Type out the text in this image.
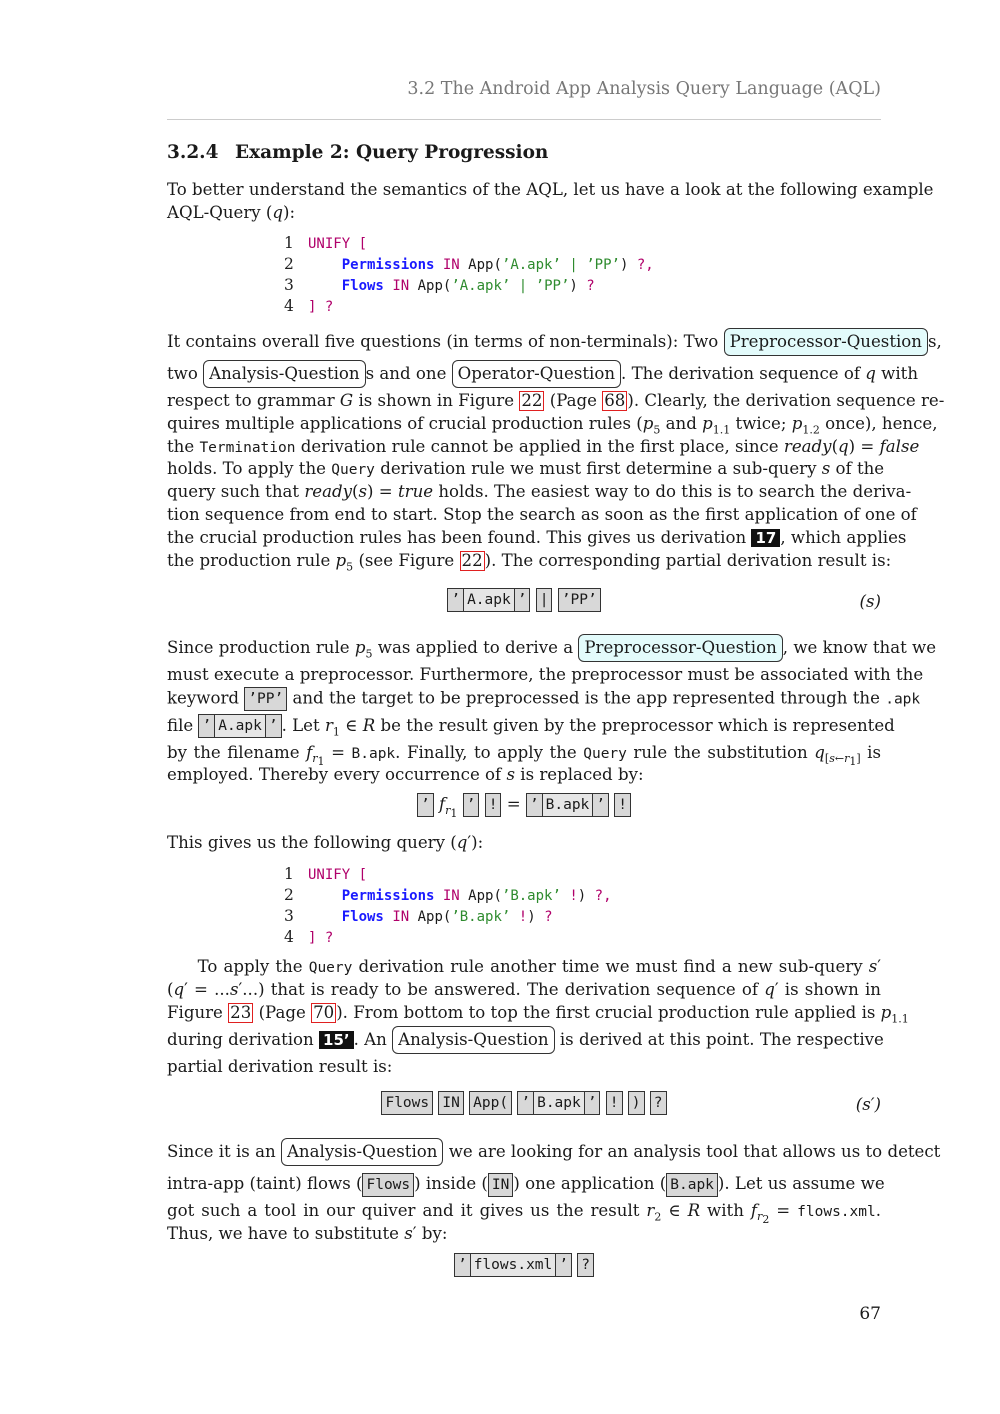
3.2 The Android App Analysis Query Language (AQL)
3.2.4 Example 2: Query Progression
To better understand the semantics of the AQL, let us have a look at the following example
AQL-Query (q):
1 UNIFY [
2	Permissions IN App(’A.apk’ | ’PP’) ?,
3	Flows IN App(’A.apk’ | ’PP’) ?
4 ] ?
It contains overall five questions (in terms of non-terminals): Two Preprocessor-Question s,
two Analysis-Question s and one Operator-Question . The derivation sequence of q with
respect to grammar G is shown in Figure 22 (Page 68 ). Clearly, the derivation sequence re-
quires multiple applications of crucial production rules ($p_5$ and $p_{1.1}$ twice; $p_{1.2}$ once), hence,
the Termination derivation rule cannot be applied in the first place, since ready(q) = false
holds. To apply the Query derivation rule we must first determine a sub-query s of the
query such that ready(s) = true holds. The easiest way to do this is to search the deriva-
tion sequence from end to start. Stop the search as soon as the first application of one of
the crucial production rules has been found. This gives us derivation 17 , which applies
the production rule $p_5$ (see Figure 22 ). The corresponding partial derivation result is:
’ A.apk ’ | ’PP’	(s)
Since production rule $p_5$ was applied to derive a Preprocessor-Question , we know that we
must execute a preprocessor. Furthermore, the preprocessor must be associated with the
keyword ’PP’ and the target to be preprocessed is the app represented through the .apk
file ’ A.apk ’ . Let $r_1$ ∈ R be the result given by the preprocessor which is represented
by the filename $f_{r_1} = B.apk$. Finally, to apply the Query rule the substitution $q_{[s\leftarrow r_1]}$ is
employed. Thereby every occurrence of s is replaced by:
’ $f_{r_1}$ ’ ! = ’ B.apk ’ !
This gives us the following query (q′):
1 UNIFY [
2	Permissions IN App(’B.apk’ !) ?,
3	Flows IN App(’B.apk’ !) ?
4 ] ?
To apply the Query derivation rule another time we must find a new sub-query s′
(q′ = ...s′...) that is ready to be answered. The derivation sequence of q′ is shown in
Figure 23 (Page 70 ). From bottom to top the first crucial production rule applied is $p_{1.1}$
during derivation 15’ . An Analysis-Question is derived at this point. The respective
partial derivation result is:
Flows IN App( ’ B.apk ’ ! ) ?	(s′)
Since it is an Analysis-Question we are looking for an analysis tool that allows us to detect
intra-app (taint) flows ( Flows ) inside ( IN ) one application ( B.apk ). Let us assume we
got such a tool in our quiver and it gives us the result $r_2$ ∈ R with $f_{r_2}$ = flows.xml.
Thus, we have to substitute s′ by:
’ flows.xml ’ ?
67
